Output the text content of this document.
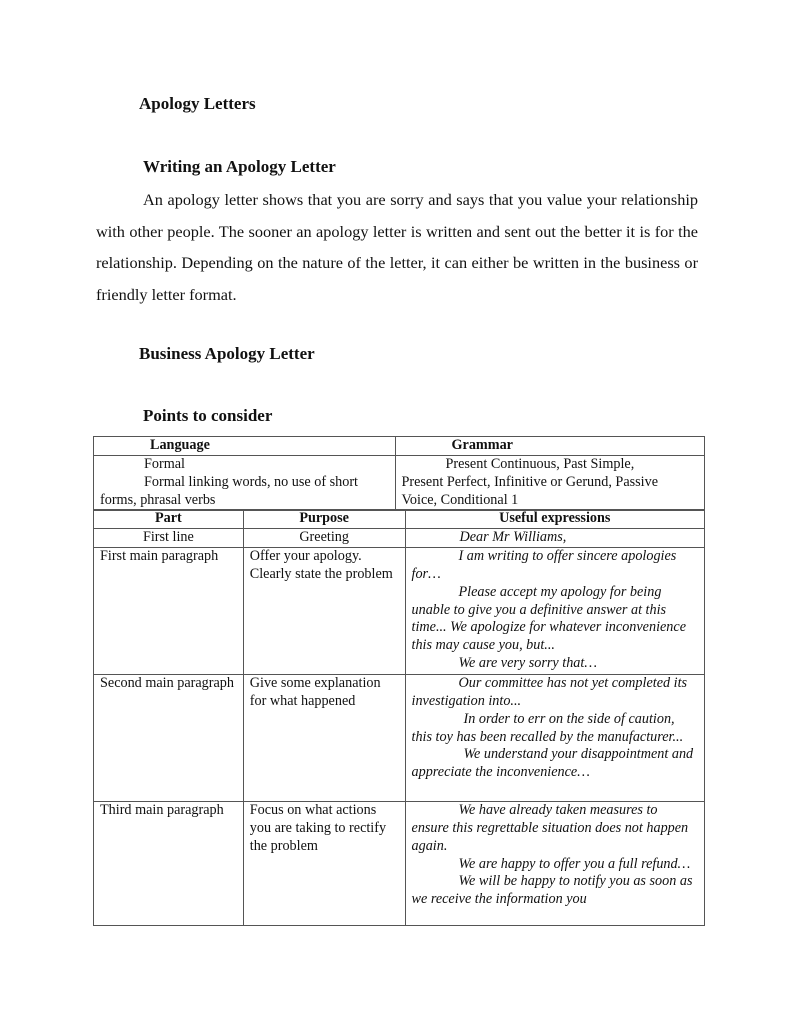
Apology Letters
Writing an Apology Letter
An apology letter shows that you are sorry and says that you value your relationship with other people. The sooner an apology letter is written and sent out the better it is for the relationship. Depending on the nature of the letter, it can either be written in the business or friendly letter format.
Business Apology Letter
Points to consider
Language	Grammar

Formal
Formal linking words, no use of short
forms, phrasal verbs

Present Continuous, Past Simple,
Present Perfect, Infinitive or Gerund, Passive
Voice, Conditional 1
Part	Purpose	Useful expressions
First line	Greeting	Dear Mr Williams,
First main paragraph	Offer your apology. Clearly state the problem	I am writing to offer sincere apologies for…
Please accept my apology for being unable to give you a definitive answer at this time... We apologize for whatever inconvenience this may cause you, but...
We are very sorry that…

Second main paragraph	Give some explanation for what happened	Our committee has not yet completed its investigation into...
In order to err on the side of caution, this toy has been recalled by the manufacturer...
We understand your disappointment and appreciate the inconvenience…

Third main paragraph	Focus on what actions you are taking to rectify the problem	We have already taken measures to ensure this regrettable situation does not happen again.
We are happy to offer you a full refund…
We will be happy to notify you as soon as we receive the information you
